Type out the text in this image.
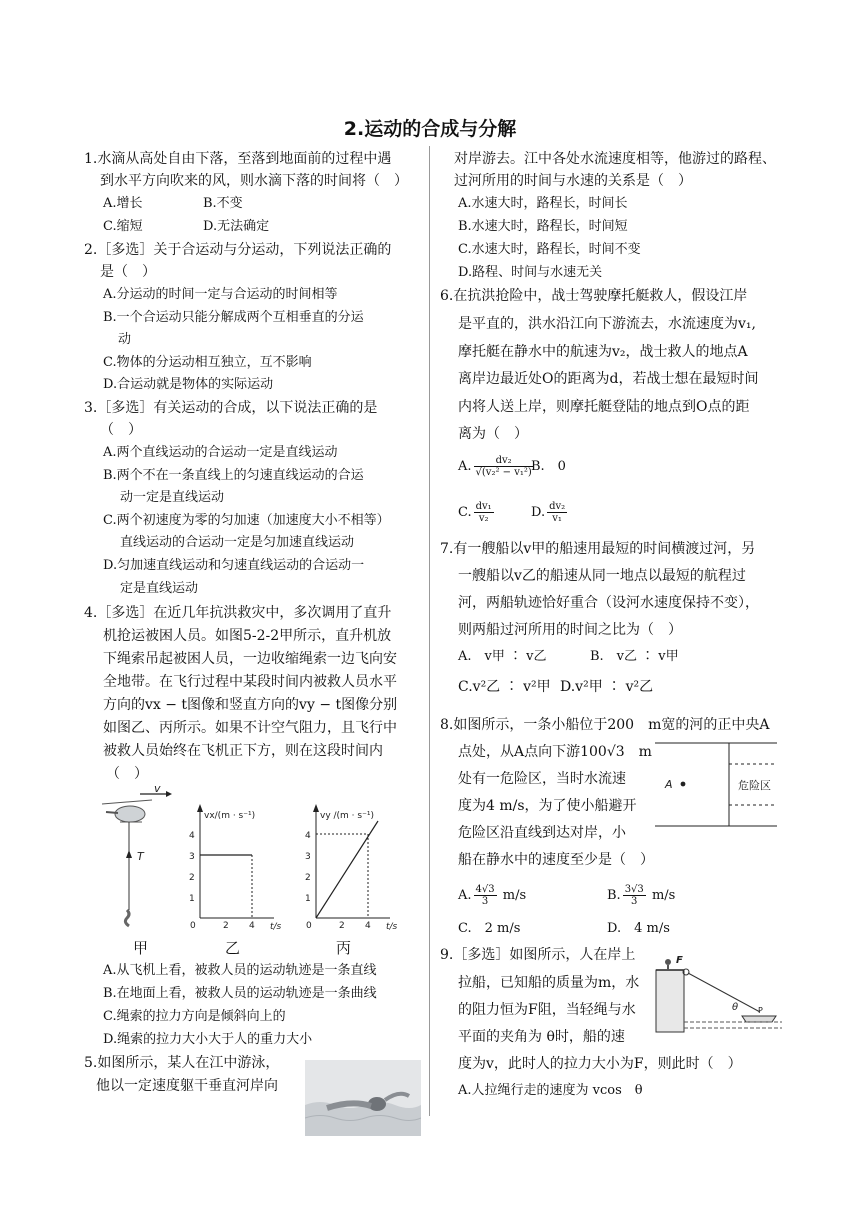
2.运动的合成与分解
1.水滴从高处自由下落，至落到地面前的过程中遇
到水平方向吹来的风，则水滴下落的时间将（　）
A.增长	B.不变
C.缩短	D.无法确定
2.［多选］关于合运动与分运动，下列说法正确的
是（　）
A.分运动的时间一定与合运动的时间相等
B.一个合运动只能分解成两个互相垂直的分运
动
C.物体的分运动相互独立，互不影响
D.合运动就是物体的实际运动
3.［多选］有关运动的合成，以下说法正确的是
（　）
A.两个直线运动的合运动一定是直线运动
B.两个不在一条直线上的匀速直线运动的合运
动一定是直线运动
C.两个初速度为零的匀加速（加速度大小不相等）
直线运动的合运动一定是匀加速直线运动
D.匀加速直线运动和匀速直线运动的合运动一
定是直线运动
4.［多选］在近几年抗洪救灾中，多次调用了直升
机抢运被困人员。如图5-2-2甲所示，直升机放
下绳索吊起被困人员，一边收缩绳索一边飞向安
全地带。在飞行过程中某段时间内被救人员水平
方向的vx − t图像和竖直方向的vy − t图像分别
如图乙、丙所示。如果不计空气阻力，且飞行中
被救人员始终在飞机正下方，则在这段时间内
（　）
v
T
vx/(m · s⁻¹)
t/s
1
2
3
4
0	2 4
vy /(m · s⁻¹)
t/s
1
2
3
4
0	2 4
甲	乙	丙
A.从飞机上看，被救人员的运动轨迹是一条直线
B.在地面上看，被救人员的运动轨迹是一条曲线
C.绳索的拉力方向是倾斜向上的
D.绳索的拉力大小大于人的重力大小
5.如图所示，某人在江中游泳，
他以一定速度躯干垂直河岸向
对岸游去。江中各处水流速度相等，他游过的路程、
过河所用的时间与水速的关系是（　）
A.水速大时，路程长，时间长
B.水速大时，路程长，时间短
C.水速大时，路程长，时间不变
D.路程、时间与水速无关
6.在抗洪抢险中，战士驾驶摩托艇救人，假设江岸
是平直的，洪水沿江向下游流去，水流速度为v₁,
摩托艇在静水中的航速为v₂，战士救人的地点A
离岸边最近处O的距离为d，若战士想在最短时间
内将人送上岸，则摩托艇登陆的地点到O点的距
离为（　）
A. $\frac{\text{dv₂}}{\text{√(v₂² − v₁²)}}$
B.　0
C. $\frac{\text{dv₁}}{\text{v₂}}$	D. $\frac{\text{dv₂}}{\text{v₁}}$
7.有一艘船以v甲的船速用最短的时间横渡过河，另
一艘船以v乙的船速从同一地点以最短的航程过
河，两船轨迹恰好重合（设河水速度保持不变），
则两船过河所用的时间之比为（　）
A.　v甲 ∶ v乙	B.　v乙 ∶ v甲
C.v²乙 ∶ v²甲 D.v²甲 ∶ v²乙
8.如图所示，一条小船位于200　m宽的河的正中央A
点处，从A点向下游100√3　m
处有一危险区，当时水流速
度为4 m/s，为了使小船避开
危险区沿直线到达对岸，小
船在静水中的速度至少是（　）
A	危险区
A. $\frac{4√3}{3} m/s$	B. $\frac{3√3}{3} m/s$
C.　2 m/s	D.　4 m/s
9.［多选］如图所示，人在岸上
拉船，已知船的质量为m，水
的阻力恒为F阻，当轻绳与水
平面的夹角为 θ时，船的速
度为v，此时人的拉力大小为F，则此时（　）
A.人拉绳行走的速度为 vcos　θ
F
θ P
